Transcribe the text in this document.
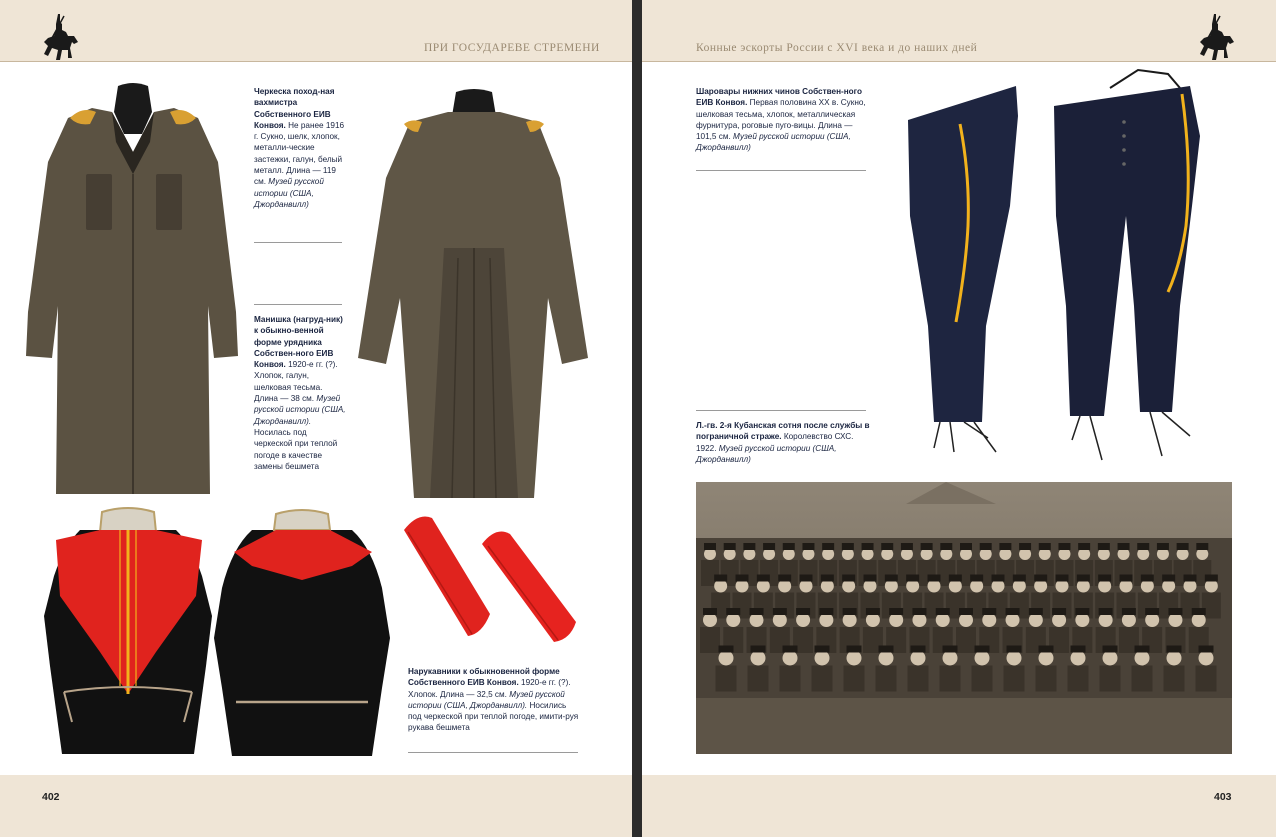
ПРИ ГОСУДАРЕВЕ СТРЕМЕНИ
Черкеска поход-ная вахмистра Собственного ЕИВ Конвоя. Не ранее 1916 г. Сукно, шелк, хлопок, металли-ческие застежки, галун, белый металл. Длина — 119 см. Музей русской истории (США, Джорданвилл)
Манишка (нагруд-ник) к обыкно-венной форме урядника Собствен-ного ЕИВ Конвоя. 1920-е гг. (?). Хлопок, галун, шелковая тесьма. Длина — 38 см. Музей русской истории (США, Джорданвилл). Носилась под черкеской при теплой погоде в качестве замены бешмета
Нарукавники к обыкновенной форме Собственного ЕИВ Конвоя. 1920-е гг. (?). Хлопок. Длина — 32,5 см. Музей русской истории (США, Джорданвилл). Носились под черкеской при теплой погоде, имити-руя рукава бешмета
402
Конные эскорты России с XVI века и до наших дней
Шаровары нижних чинов Собствен-ного ЕИВ Конвоя. Первая половина XX в. Сукно, шелковая тесьма, хлопок, металлическая фурнитура, роговые пуго-вицы. Длина — 101,5 см. Музей русской истории (США, Джорданвилл)
Л.-гв. 2-я Кубанская сотня после службы в пограничной страже. Королевство СХС. 1922. Музей русской истории (США, Джорданвилл)
403
